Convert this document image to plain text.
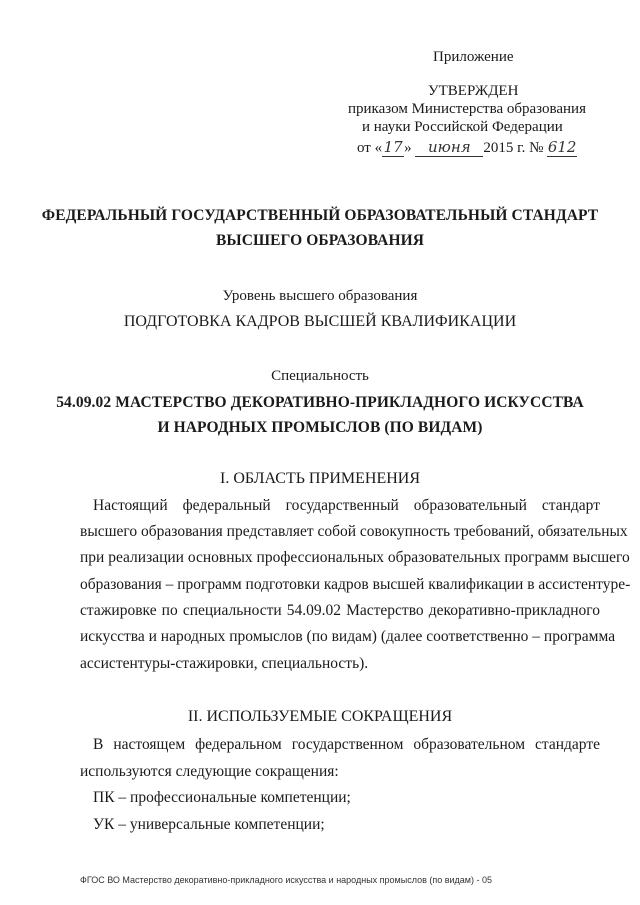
Приложение
УТВЕРЖДЕН
приказом Министерства образования
и науки Российской Федерации
от «17» июня 2015 г. № 612
ФЕДЕРАЛЬНЫЙ ГОСУДАРСТВЕННЫЙ ОБРАЗОВАТЕЛЬНЫЙ СТАНДАРТ
ВЫСШЕГО ОБРАЗОВАНИЯ
Уровень высшего образования
ПОДГОТОВКА КАДРОВ ВЫСШЕЙ КВАЛИФИКАЦИИ
Специальность
54.09.02 МАСТЕРСТВО ДЕКОРАТИВНО-ПРИКЛАДНОГО ИСКУССТВА
И НАРОДНЫХ ПРОМЫСЛОВ (ПО ВИДАМ)
I. ОБЛАСТЬ ПРИМЕНЕНИЯ
Настоящий федеральный государственный образовательный стандарт
высшего образования представляет собой совокупность требований, обязательных
при реализации основных профессиональных образовательных программ высшего
образования – программ подготовки кадров высшей квалификации в ассистентуре-
стажировке по специальности 54.09.02 Мастерство декоративно-прикладного
искусства и народных промыслов (по видам) (далее соответственно – программа
ассистентуры-стажировки, специальность).
II. ИСПОЛЬЗУЕМЫЕ СОКРАЩЕНИЯ
В настоящем федеральном государственном образовательном стандарте
используются следующие сокращения:
ПК – профессиональные компетенции;
УК – универсальные компетенции;
ФГОС ВО Мастерство декоративно-прикладного искусства и народных промыслов (по видам) - 05
